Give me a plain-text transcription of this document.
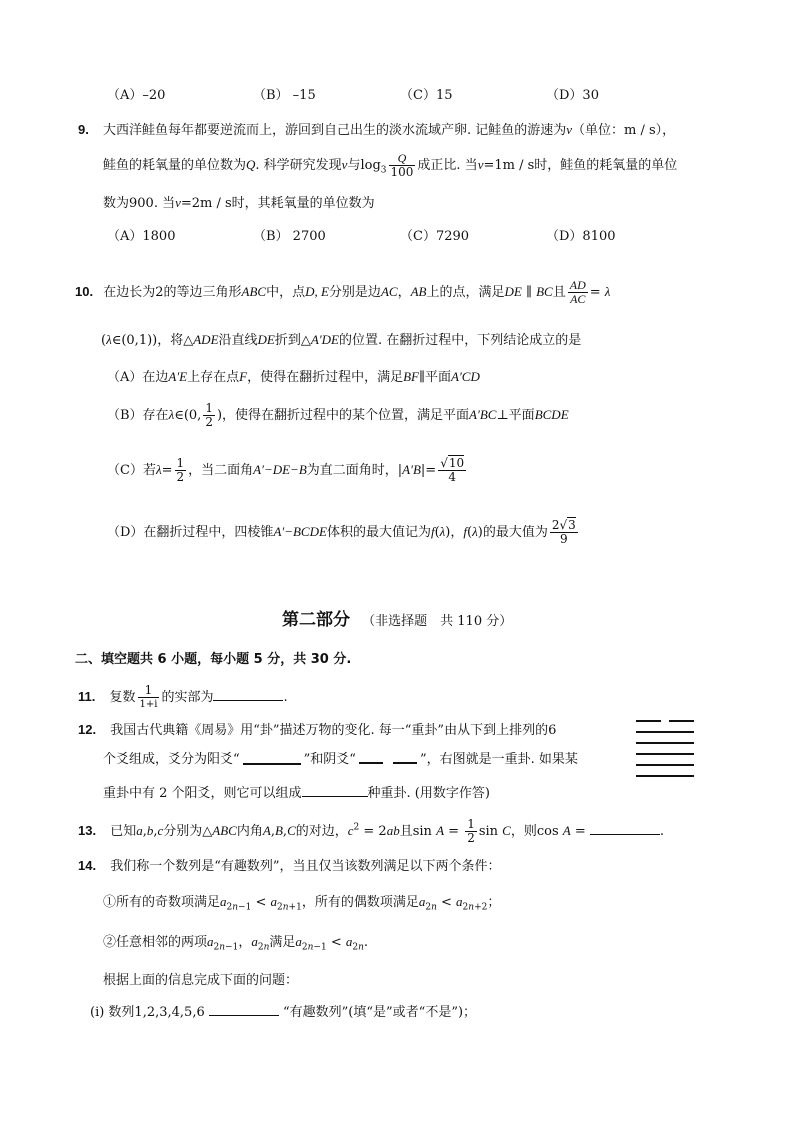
（A）–20	（B） –15	（C）15	（D）30
9. 大西洋鲑鱼每年都要逆流而上，游回到自己出生的淡水流域产卵. 记鲑鱼的游速为v（单位：m / s），
鲑鱼的耗氧量的单位数为Q. 科学研究发现v与$\log_3 \frac{Q}{100}$ 成正比. 当v=1m / s时，鲑鱼的耗氧量的单位
数为900. 当v=2m / s时，其耗氧量的单位数为
（A）1800	（B） 2700	（C）7290	（D）8100
10. 在边长为2的等边三角形ABC中，点D, E分别是边AC，AB上的点，满足DE ∥ BC且 $\frac{AD}{AC} = \lambda$
(λ∈(0,1))，将△ADE沿直线DE折到△A′DE的位置. 在翻折过程中，下列结论成立的是
（A）在边A′E上存在点F，使得在翻折过程中，满足BF∥平面A′CD
（B）存在λ∈(0, $\frac{1}{2}$ )，使得在翻折过程中的某个位置，满足平面A′BC⊥平面BCDE
（C）若$\lambda= \frac{1}{2}$ ，当二面角A′−DE−B为直二面角时，$|A'B|= \frac{√10}{4}$
（D）在翻折过程中，四棱锥A′−BCDE体积的最大值记为f(λ)，f(λ)的最大值为 $\frac{2√3}{9}$
第二部分 （非选择题　共 110 分）
二、填空题共 6 小题，每小题 5 分，共 30 分.
11. 复数 $\frac{1}{1+i}$ 的实部为	.
12. 我国古代典籍《周易》用“卦”描述万物的变化. 每一“重卦”由从下到上排列的6
个爻组成，爻分为阳爻“	”和阴爻“	”，右图就是一重卦. 如果某
重卦中有 2 个阳爻，则它可以组成	种重卦. (用数字作答)
13. 已知a,b,c分别为△ABC内角A,B,C的对边，$c^2 = 2ab$且$\sin A = \frac{1}{2}$ sin C，则cos A =	.
14. 我们称一个数列是“有趣数列”，当且仅当该数列满足以下两个条件：
①所有的奇数项满足$a_{2n-1} < a_{2n+1}$，所有的偶数项满足$a_{2n} < a_{2n+2}$；
②任意相邻的两项$a_{2n-1}$，$a_{2n}$满足$a_{2n-1} < a_{2n}$.
根据上面的信息完成下面的问题：
(i) 数列1,2,3,4,5,6	“有趣数列”(填“是”或者“不是”)；
